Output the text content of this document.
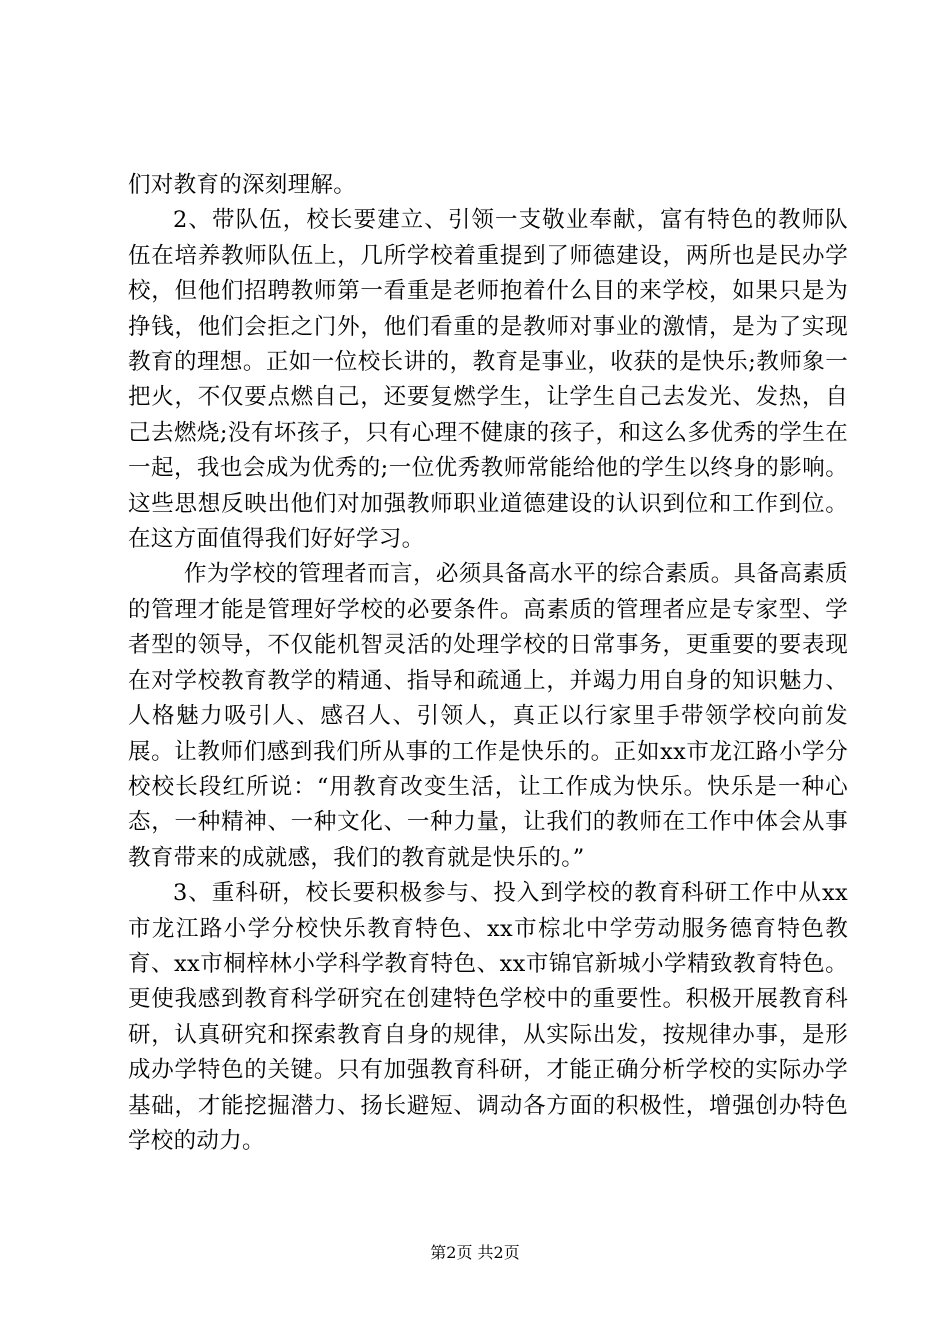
们对教育的深刻理解。

2、带队伍，校长要建立、引领一支敬业奉献，富有特色的教师队伍在培养教师队伍上，几所学校着重提到了师德建设，两所也是民办学校，但他们招聘教师第一看重是老师抱着什么目的来学校，如果只是为挣钱，他们会拒之门外，他们看重的是教师对事业的激情，是为了实现教育的理想。正如一位校长讲的，教育是事业，收获的是快乐;教师象一把火，不仅要点燃自己，还要复燃学生，让学生自己去发光、发热，自己去燃烧;没有坏孩子，只有心理不健康的孩子，和这么多优秀的学生在一起，我也会成为优秀的;一位优秀教师常能给他的学生以终身的影响。这些思想反映出他们对加强教师职业道德建设的认识到位和工作到位。在这方面值得我们好好学习。

作为学校的管理者而言，必须具备高水平的综合素质。具备高素质的管理才能是管理好学校的必要条件。高素质的管理者应是专家型、学者型的领导，不仅能机智灵活的处理学校的日常事务，更重要的要表现在对学校教育教学的精通、指导和疏通上，并竭力用自身的知识魅力、人格魅力吸引人、感召人、引领人，真正以行家里手带领学校向前发展。让教师们感到我们所从事的工作是快乐的。正如xx市龙江路小学分校校长段红所说：“用教育改变生活，让工作成为快乐。快乐是一种心态，一种精神、一种文化、一种力量，让我们的教师在工作中体会从事教育带来的成就感，我们的教育就是快乐的。”

3、重科研，校长要积极参与、投入到学校的教育科研工作中从xx市龙江路小学分校快乐教育特色、xx市棕北中学劳动服务德育特色教育、xx市桐梓林小学科学教育特色、xx市锦官新城小学精致教育特色。更使我感到教育科学研究在创建特色学校中的重要性。积极开展教育科研，认真研究和探索教育自身的规律，从实际出发，按规律办事，是形成办学特色的关键。只有加强教育科研，才能正确分析学校的实际办学基础，才能挖掘潜力、扬长避短、调动各方面的积极性，增强创办特色学校的动力。

第2页 共2页
